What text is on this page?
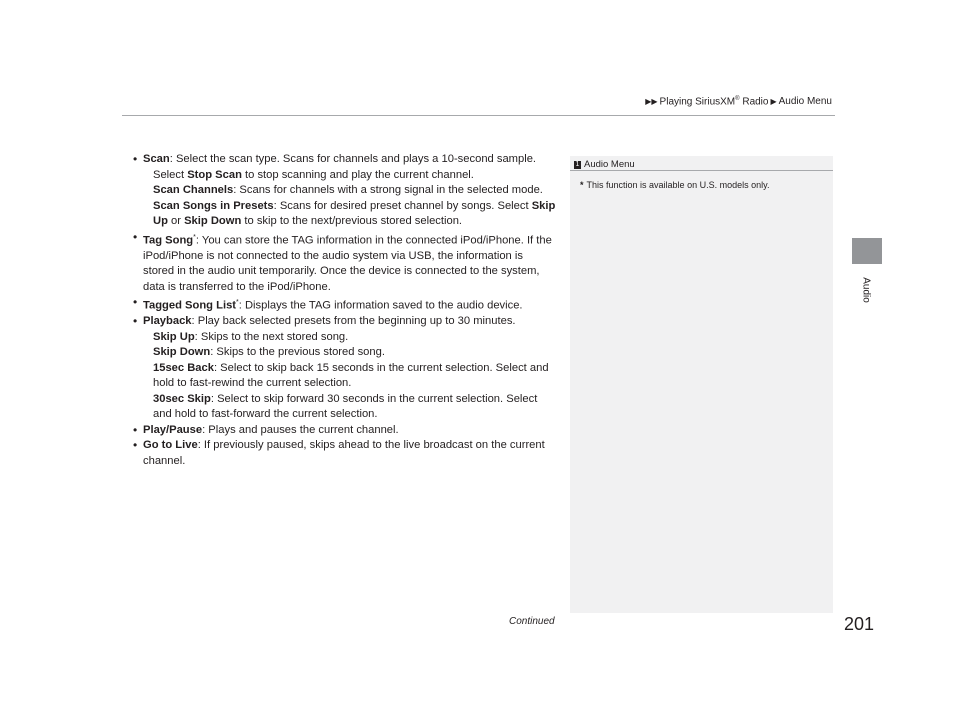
▶▶ Playing SiriusXM® Radio ▶ Audio Menu
Audio
• Scan: Select the scan type. Scans for channels and plays a 10-second sample.
Select Stop Scan to stop scanning and play the current channel.
Scan Channels: Scans for channels with a strong signal in the selected mode.
Scan Songs in Presets: Scans for desired preset channel by songs. Select Skip Up or Skip Down to skip to the next/previous stored selection.
• Tag Song*: You can store the TAG information in the connected iPod/iPhone. If the iPod/iPhone is not connected to the audio system via USB, the information is stored in the audio unit temporarily. Once the device is connected to the system, data is transferred to the iPod/iPhone.
• Tagged Song List*: Displays the TAG information saved to the audio device.
• Playback: Play back selected presets from the beginning up to 30 minutes.
Skip Up: Skips to the next stored song.
Skip Down: Skips to the previous stored song.
15sec Back: Select to skip back 15 seconds in the current selection. Select and hold to fast-rewind the current selection.
30sec Skip: Select to skip forward 30 seconds in the current selection. Select and hold to fast-forward the current selection.
• Play/Pause: Plays and pauses the current channel.
• Go to Live: If previously paused, skips ahead to the live broadcast on the current channel.
1 Audio Menu
* This function is available on U.S. models only.
Continued	201
